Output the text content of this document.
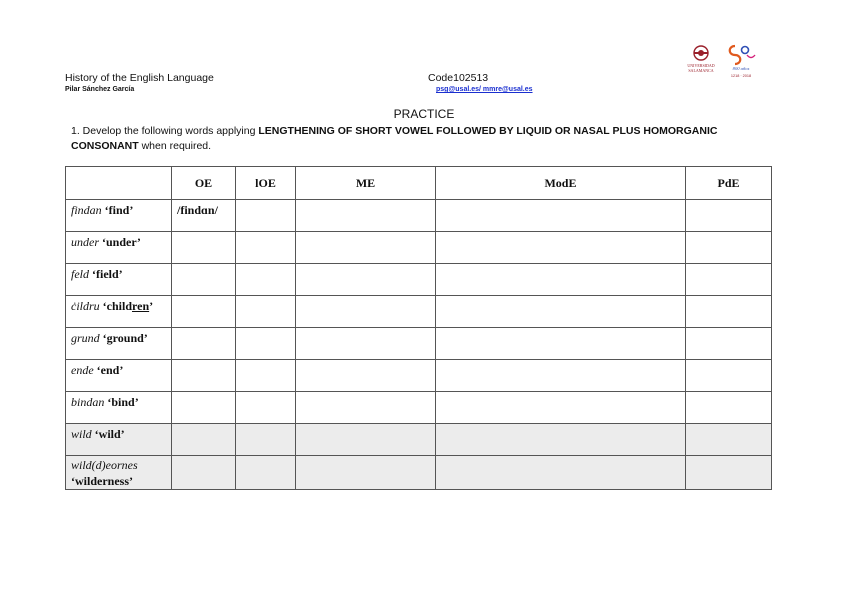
History of the English Language
Pilar Sánchez García
Code102513
psg@usal.es/ mmre@usal.es
UNIVERSIDAD
SALAMANCA	800 años
1218 · 2018
PRACTICE
1. Develop the following words applying LENGTHENING OF SHORT VOWEL FOLLOWED BY LIQUID OR NASAL PLUS HOMORGANIC CONSONANT when required.
	OE	lOE	ME	ModE	PdE
findan ‘find’	/findɑn/				
under ‘under’					
feld ‘field’					
ċildru ‘children’					
grund ‘ground’					
ende ‘end’					
bindan ‘bind’					
wild ‘wild’					
wild(d)eornes
‘wilderness’					
